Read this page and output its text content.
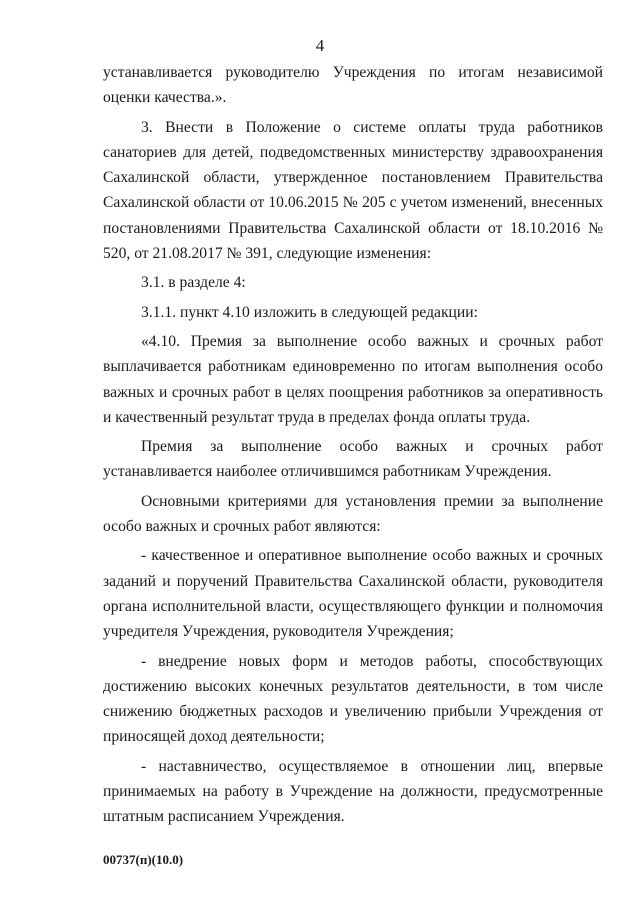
4

устанавливается руководителю Учреждения по итогам независимой оценки качества.».

3. Внести в Положение о системе оплаты труда работников санаториев для детей, подведомственных министерству здравоохранения Сахалинской области, утвержденное постановлением Правительства Сахалинской области от 10.06.2015 № 205 с учетом изменений, внесенных постановлениями Правительства Сахалинской области от 18.10.2016 № 520, от 21.08.2017 № 391, следующие изменения:

3.1. в разделе 4:

3.1.1. пункт 4.10 изложить в следующей редакции:

«4.10. Премия за выполнение особо важных и срочных работ выплачивается работникам единовременно по итогам выполнения особо важных и срочных работ в целях поощрения работников за оперативность и качественный результат труда в пределах фонда оплаты труда.

Премия за выполнение особо важных и срочных работ устанавливается наиболее отличившимся работникам Учреждения.

Основными критериями для установления премии за выполнение особо важных и срочных работ являются:

- качественное и оперативное выполнение особо важных и срочных заданий и поручений Правительства Сахалинской области, руководителя органа исполнительной власти, осуществляющего функции и полномочия учредителя Учреждения, руководителя Учреждения;

- внедрение новых форм и методов работы, способствующих достижению высоких конечных результатов деятельности, в том числе снижению бюджетных расходов и увеличению прибыли Учреждения от приносящей доход деятельности;

- наставничество, осуществляемое в отношении лиц, впервые принимаемых на работу в Учреждение на должности, предусмотренные штатным расписанием Учреждения.

00737(п)(10.0)
